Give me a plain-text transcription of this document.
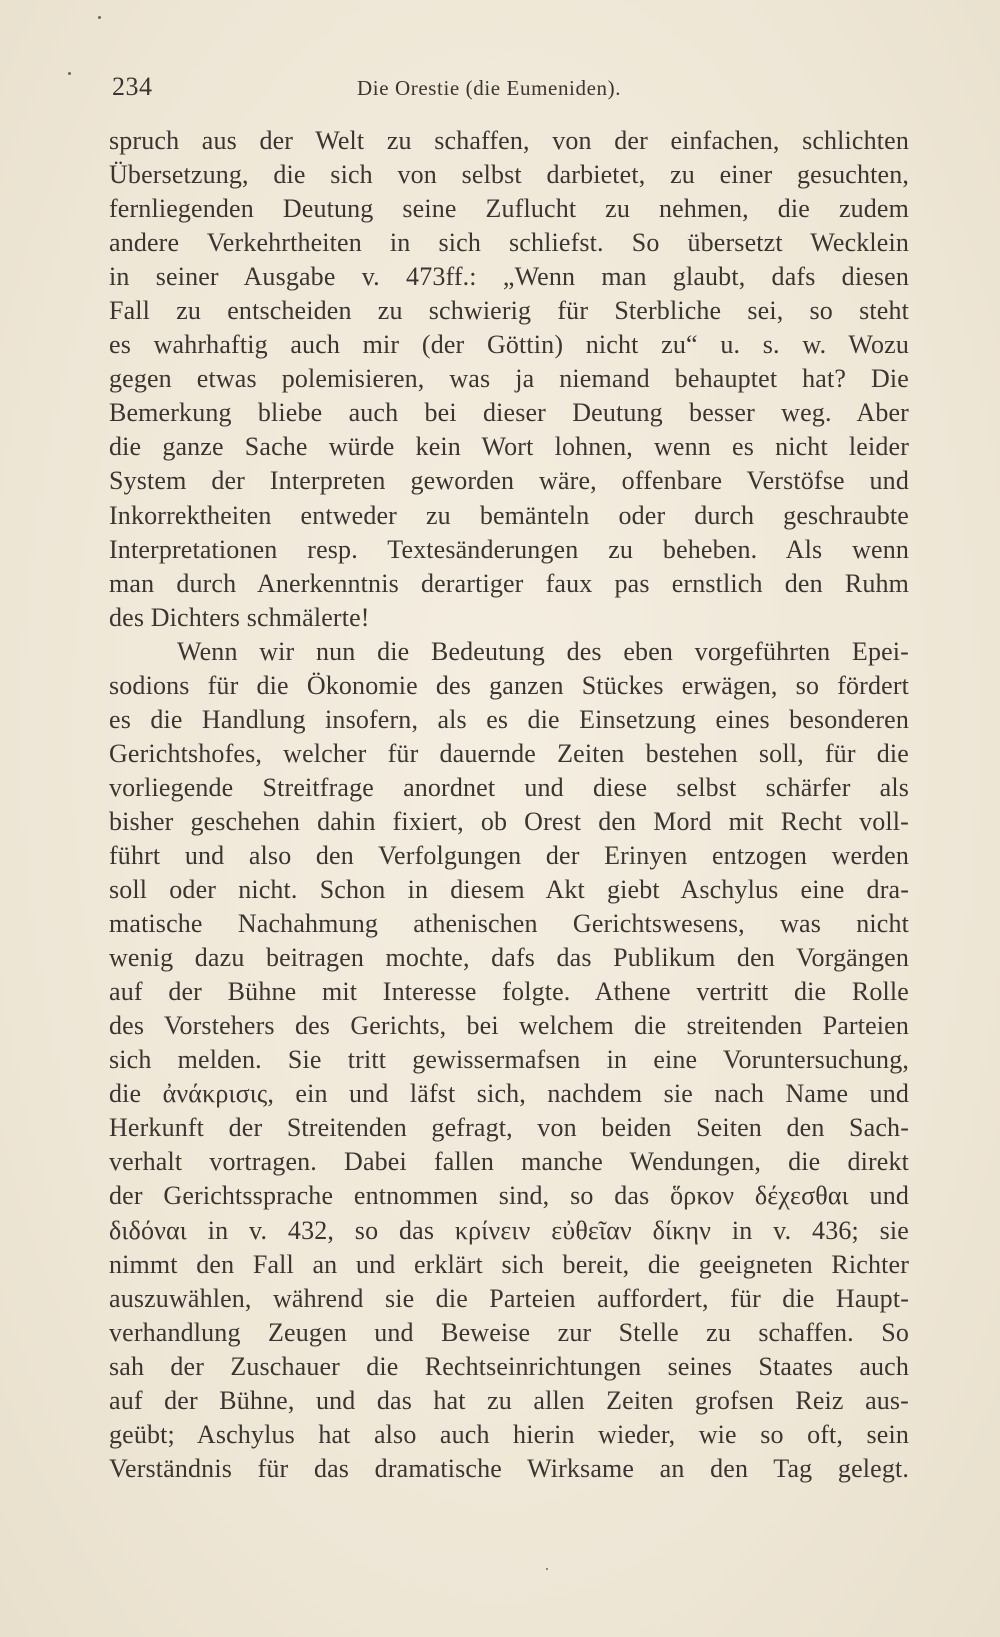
234	Die Orestie (die Eumeniden).
spruch aus der Welt zu schaffen, von der einfachen, schlichten
Übersetzung, die sich von selbst darbietet, zu einer gesuchten,
fernliegenden Deutung seine Zuflucht zu nehmen, die zudem
andere Verkehrtheiten in sich schliefst. So übersetzt Wecklein
in seiner Ausgabe v. 473ff.: „Wenn man glaubt, dafs diesen
Fall zu entscheiden zu schwierig für Sterbliche sei, so steht
es wahrhaftig auch mir (der Göttin) nicht zu“ u. s. w. Wozu
gegen etwas polemisieren, was ja niemand behauptet hat? Die
Bemerkung bliebe auch bei dieser Deutung besser weg. Aber
die ganze Sache würde kein Wort lohnen, wenn es nicht leider
System der Interpreten geworden wäre, offenbare Verstöfse und
Inkorrektheiten entweder zu bemänteln oder durch geschraubte
Interpretationen resp. Textesänderungen zu beheben. Als wenn
man durch Anerkenntnis derartiger faux pas ernstlich den Ruhm
des Dichters schmälerte!
Wenn wir nun die Bedeutung des eben vorgeführten Epei-
sodions für die Ökonomie des ganzen Stückes erwägen, so fördert
es die Handlung insofern, als es die Einsetzung eines besonderen
Gerichtshofes, welcher für dauernde Zeiten bestehen soll, für die
vorliegende Streitfrage anordnet und diese selbst schärfer als
bisher geschehen dahin fixiert, ob Orest den Mord mit Recht voll-
führt und also den Verfolgungen der Erinyen entzogen werden
soll oder nicht. Schon in diesem Akt giebt Aschylus eine dra-
matische Nachahmung athenischen Gerichtswesens, was nicht
wenig dazu beitragen mochte, dafs das Publikum den Vorgängen
auf der Bühne mit Interesse folgte. Athene vertritt die Rolle
des Vorstehers des Gerichts, bei welchem die streitenden Parteien
sich melden. Sie tritt gewissermafsen in eine Voruntersuchung,
die ἀνάκρισις, ein und läfst sich, nachdem sie nach Name und
Herkunft der Streitenden gefragt, von beiden Seiten den Sach-
verhalt vortragen. Dabei fallen manche Wendungen, die direkt
der Gerichtssprache entnommen sind, so das ὅρκον δέχεσθαι und
διδόναι in v. 432, so das κρίνειν εὐθεῖαν δίκην in v. 436; sie
nimmt den Fall an und erklärt sich bereit, die geeigneten Richter
auszuwählen, während sie die Parteien auffordert, für die Haupt-
verhandlung Zeugen und Beweise zur Stelle zu schaffen. So
sah der Zuschauer die Rechtseinrichtungen seines Staates auch
auf der Bühne, und das hat zu allen Zeiten grofsen Reiz aus-
geübt; Aschylus hat also auch hierin wieder, wie so oft, sein
Verständnis für das dramatische Wirksame an den Tag gelegt.
